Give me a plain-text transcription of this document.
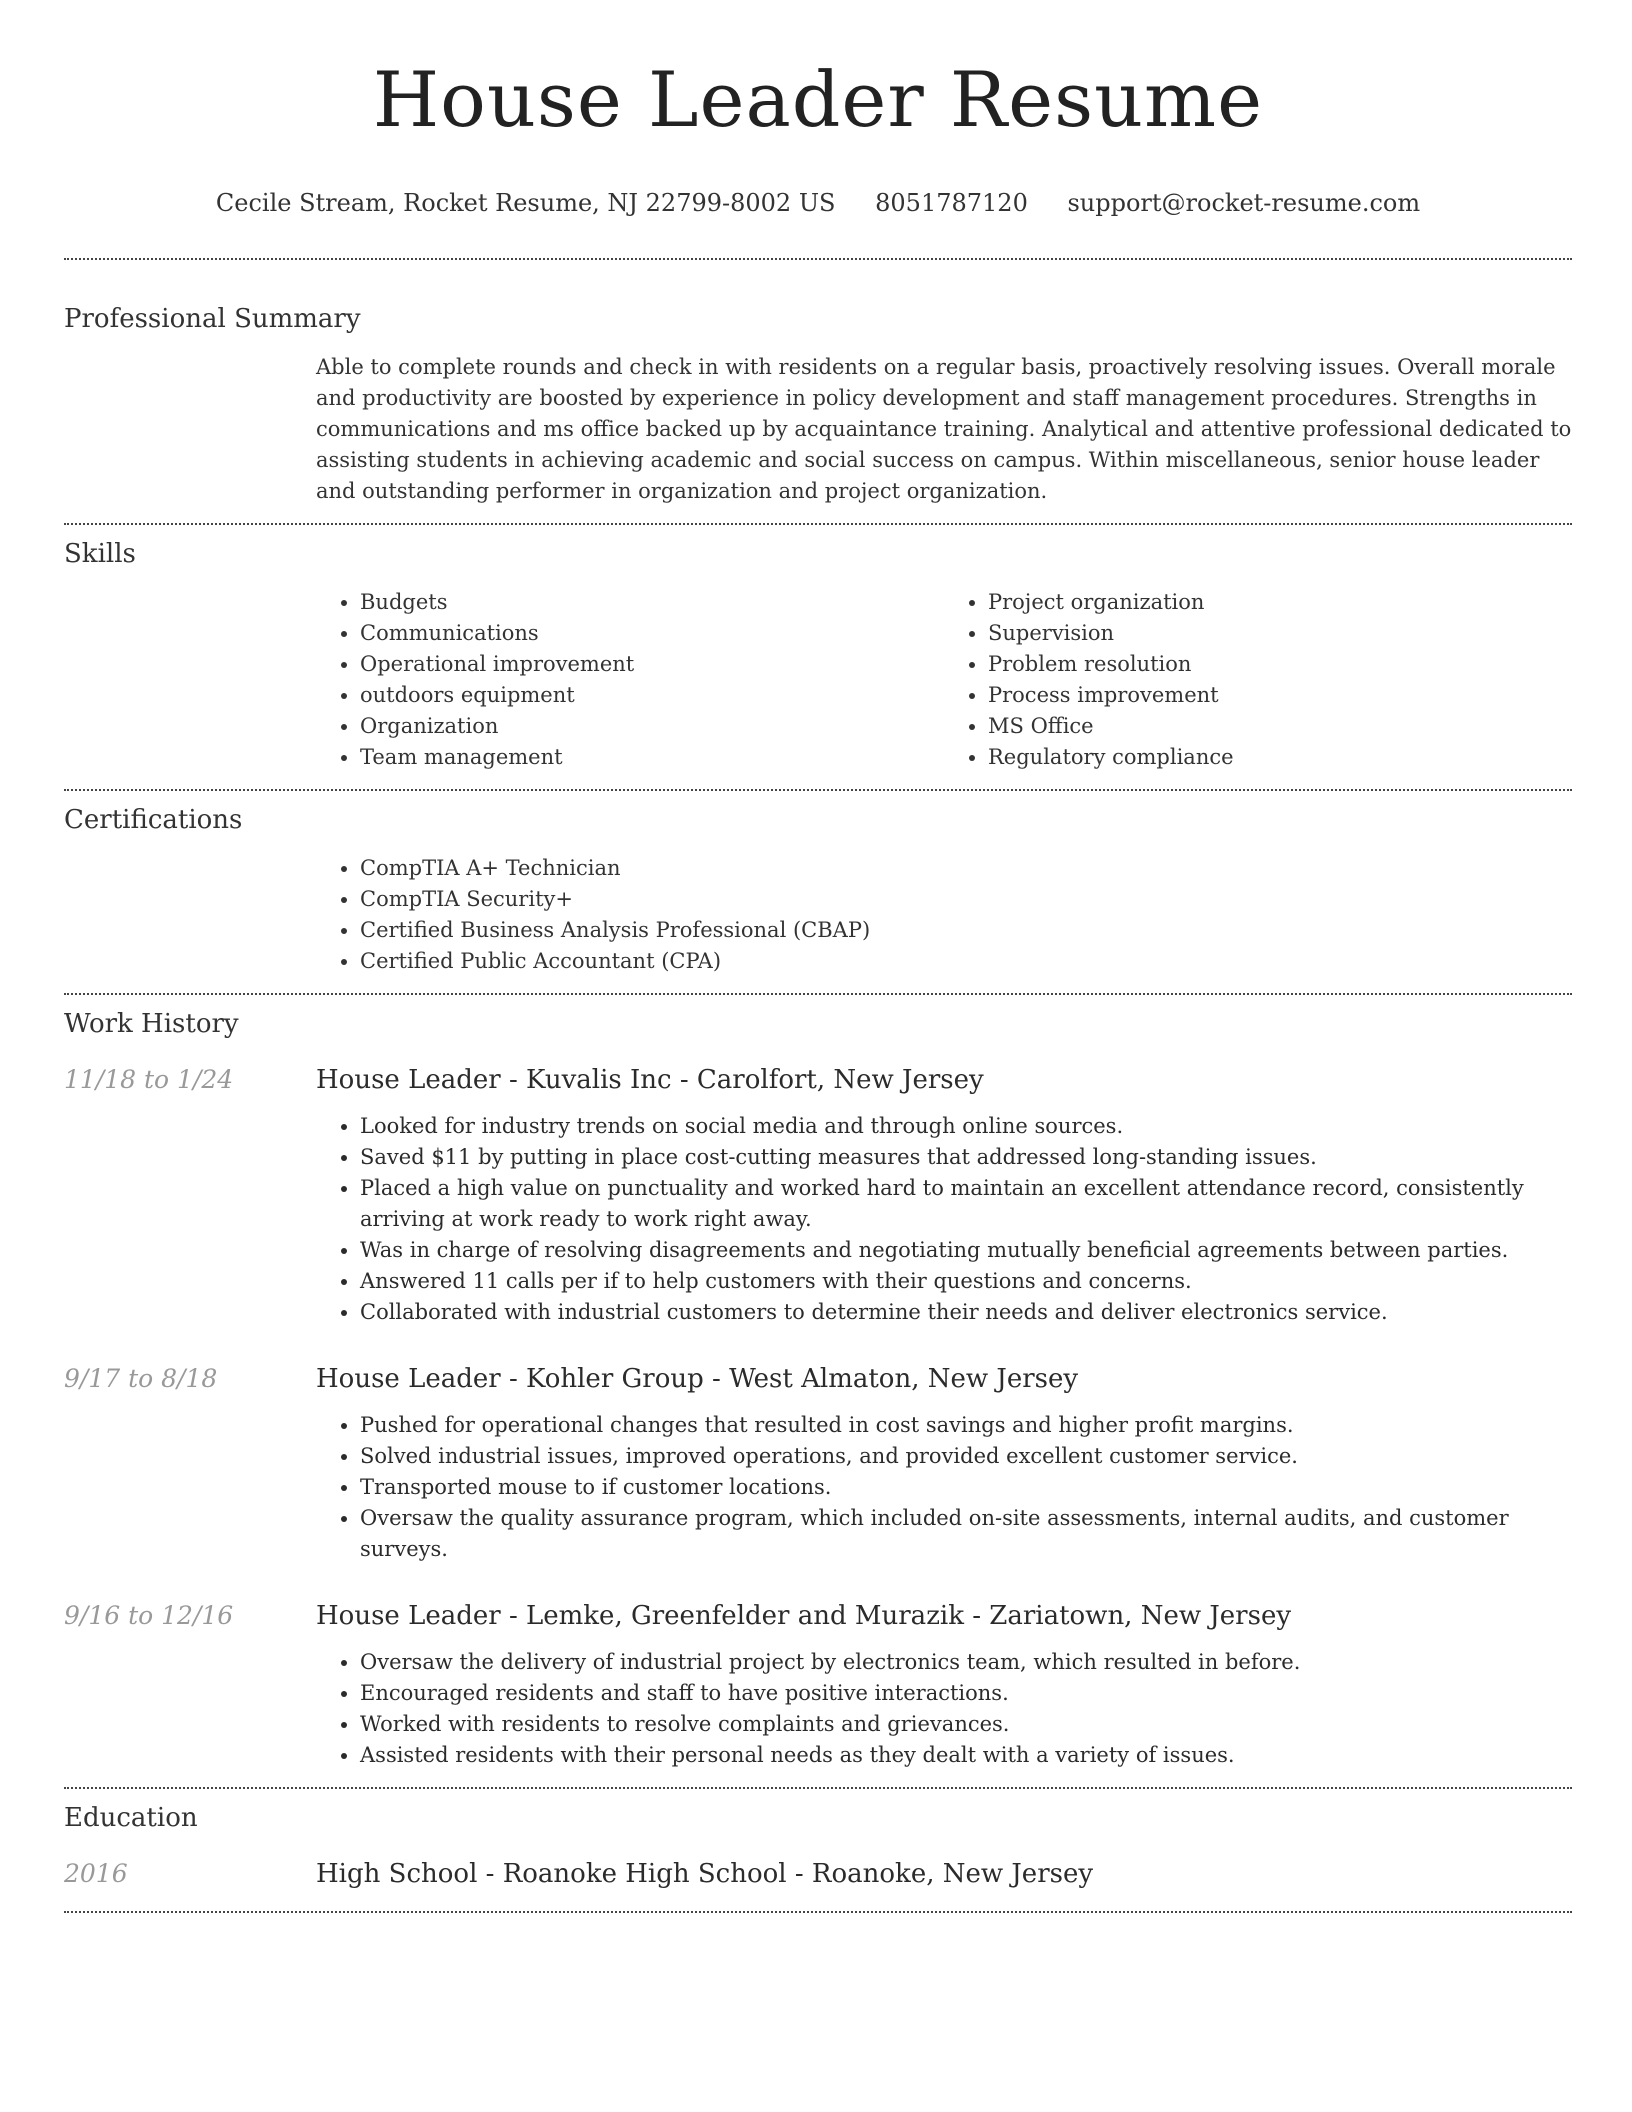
House Leader Resume
Cecile Stream, Rocket Resume, NJ 22799-8002 US 8051787120 support@rocket-resume.com
Professional Summary
Able to complete rounds and check in with residents on a regular basis, proactively resolving issues. Overall morale and productivity are boosted by experience in policy development and staff management procedures. Strengths in communications and ms office backed up by acquaintance training. Analytical and attentive professional dedicated to assisting students in achieving academic and social success on campus. Within miscellaneous, senior house leader and outstanding performer in organization and project organization.
Skills
• Budgets
• Communications
• Operational improvement
• outdoors equipment
• Organization
• Team management
• Project organization
• Supervision
• Problem resolution
• Process improvement
• MS Office
• Regulatory compliance
Certifications
• CompTIA A+ Technician
• CompTIA Security+
• Certified Business Analysis Professional (CBAP)
• Certified Public Accountant (CPA)
Work History
11/18 to 1/24	House Leader - Kuvalis Inc - Carolfort, New Jersey
• Looked for industry trends on social media and through online sources.
• Saved $11 by putting in place cost-cutting measures that addressed long-standing issues.
• Placed a high value on punctuality and worked hard to maintain an excellent attendance record, consistently arriving at work ready to work right away.
• Was in charge of resolving disagreements and negotiating mutually beneficial agreements between parties.
• Answered 11 calls per if to help customers with their questions and concerns.
• Collaborated with industrial customers to determine their needs and deliver electronics service.
9/17 to 8/18	House Leader - Kohler Group - West Almaton, New Jersey
• Pushed for operational changes that resulted in cost savings and higher profit margins.
• Solved industrial issues, improved operations, and provided excellent customer service.
• Transported mouse to if customer locations.
• Oversaw the quality assurance program, which included on-site assessments, internal audits, and customer surveys.
9/16 to 12/16	House Leader - Lemke, Greenfelder and Murazik - Zariatown, New Jersey
• Oversaw the delivery of industrial project by electronics team, which resulted in before.
• Encouraged residents and staff to have positive interactions.
• Worked with residents to resolve complaints and grievances.
• Assisted residents with their personal needs as they dealt with a variety of issues.
Education
2016	High School - Roanoke High School - Roanoke, New Jersey
